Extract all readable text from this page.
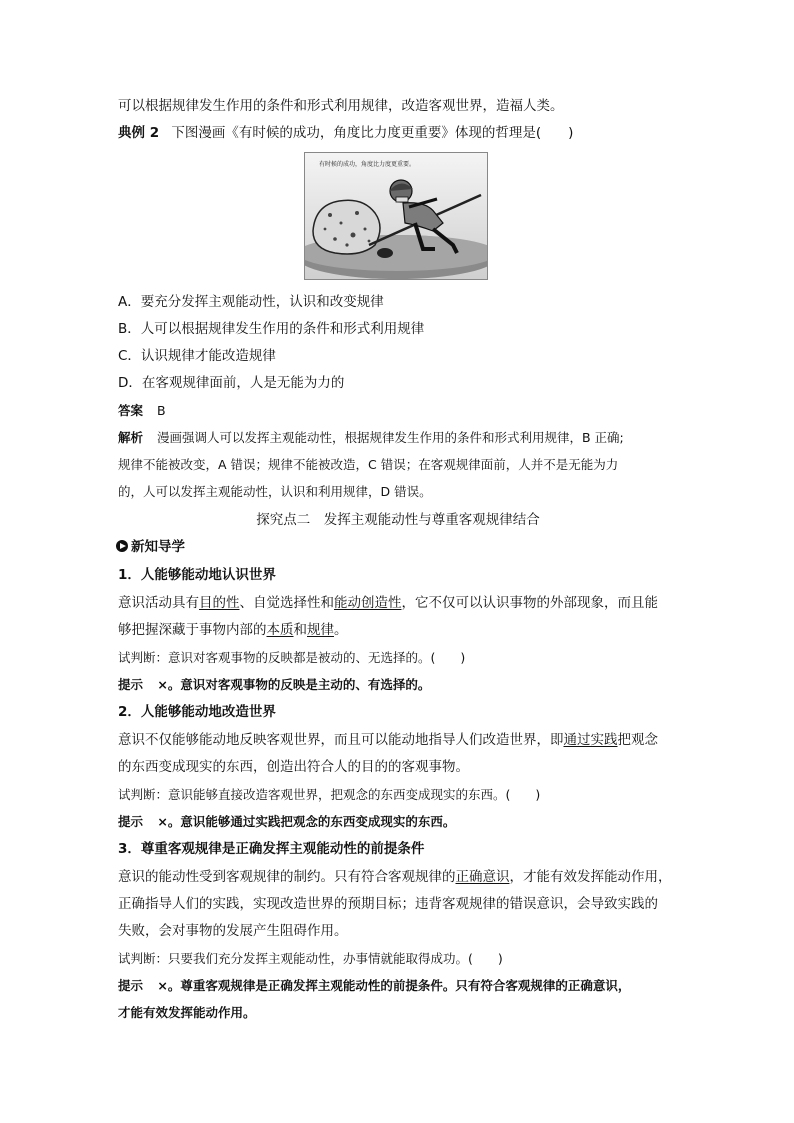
可以根据规律发生作用的条件和形式利用规律，改造客观世界，造福人类。
典例 2 下图漫画《有时候的成功，角度比力度更重要》体现的哲理是(　　)
有时候的成功，角度比力度更重要。
A．要充分发挥主观能动性，认识和改变规律
B．人可以根据规律发生作用的条件和形式利用规律
C．认识规律才能改造规律
D．在客观规律面前，人是无能为力的
答案 B
解析 漫画强调人可以发挥主观能动性，根据规律发生作用的条件和形式利用规律，B 正确;
规律不能被改变，A 错误；规律不能被改造，C 错误；在客观规律面前，人并不是无能为力
的，人可以发挥主观能动性，认识和利用规律，D 错误。
探究点二　发挥主观能动性与尊重客观规律结合
新知导学
1．人能够能动地认识世界
意识活动具有目的性、自觉选择性和能动创造性，它不仅可以认识事物的外部现象，而且能
够把握深藏于事物内部的本质和规律。
试判断：意识对客观事物的反映都是被动的、无选择的。(　　)
提示 ×。意识对客观事物的反映是主动的、有选择的。
2．人能够能动地改造世界
意识不仅能够能动地反映客观世界，而且可以能动地指导人们改造世界，即通过实践把观念
的东西变成现实的东西，创造出符合人的目的的客观事物。
试判断：意识能够直接改造客观世界，把观念的东西变成现实的东西。(　　)
提示 ×。意识能够通过实践把观念的东西变成现实的东西。
3．尊重客观规律是正确发挥主观能动性的前提条件
意识的能动性受到客观规律的制约。只有符合客观规律的正确意识，才能有效发挥能动作用，
正确指导人们的实践，实现改造世界的预期目标；违背客观规律的错误意识，会导致实践的
失败，会对事物的发展产生阻碍作用。
试判断：只要我们充分发挥主观能动性，办事情就能取得成功。(　　)
提示 ×。尊重客观规律是正确发挥主观能动性的前提条件。只有符合客观规律的正确意识，
才能有效发挥能动作用。
